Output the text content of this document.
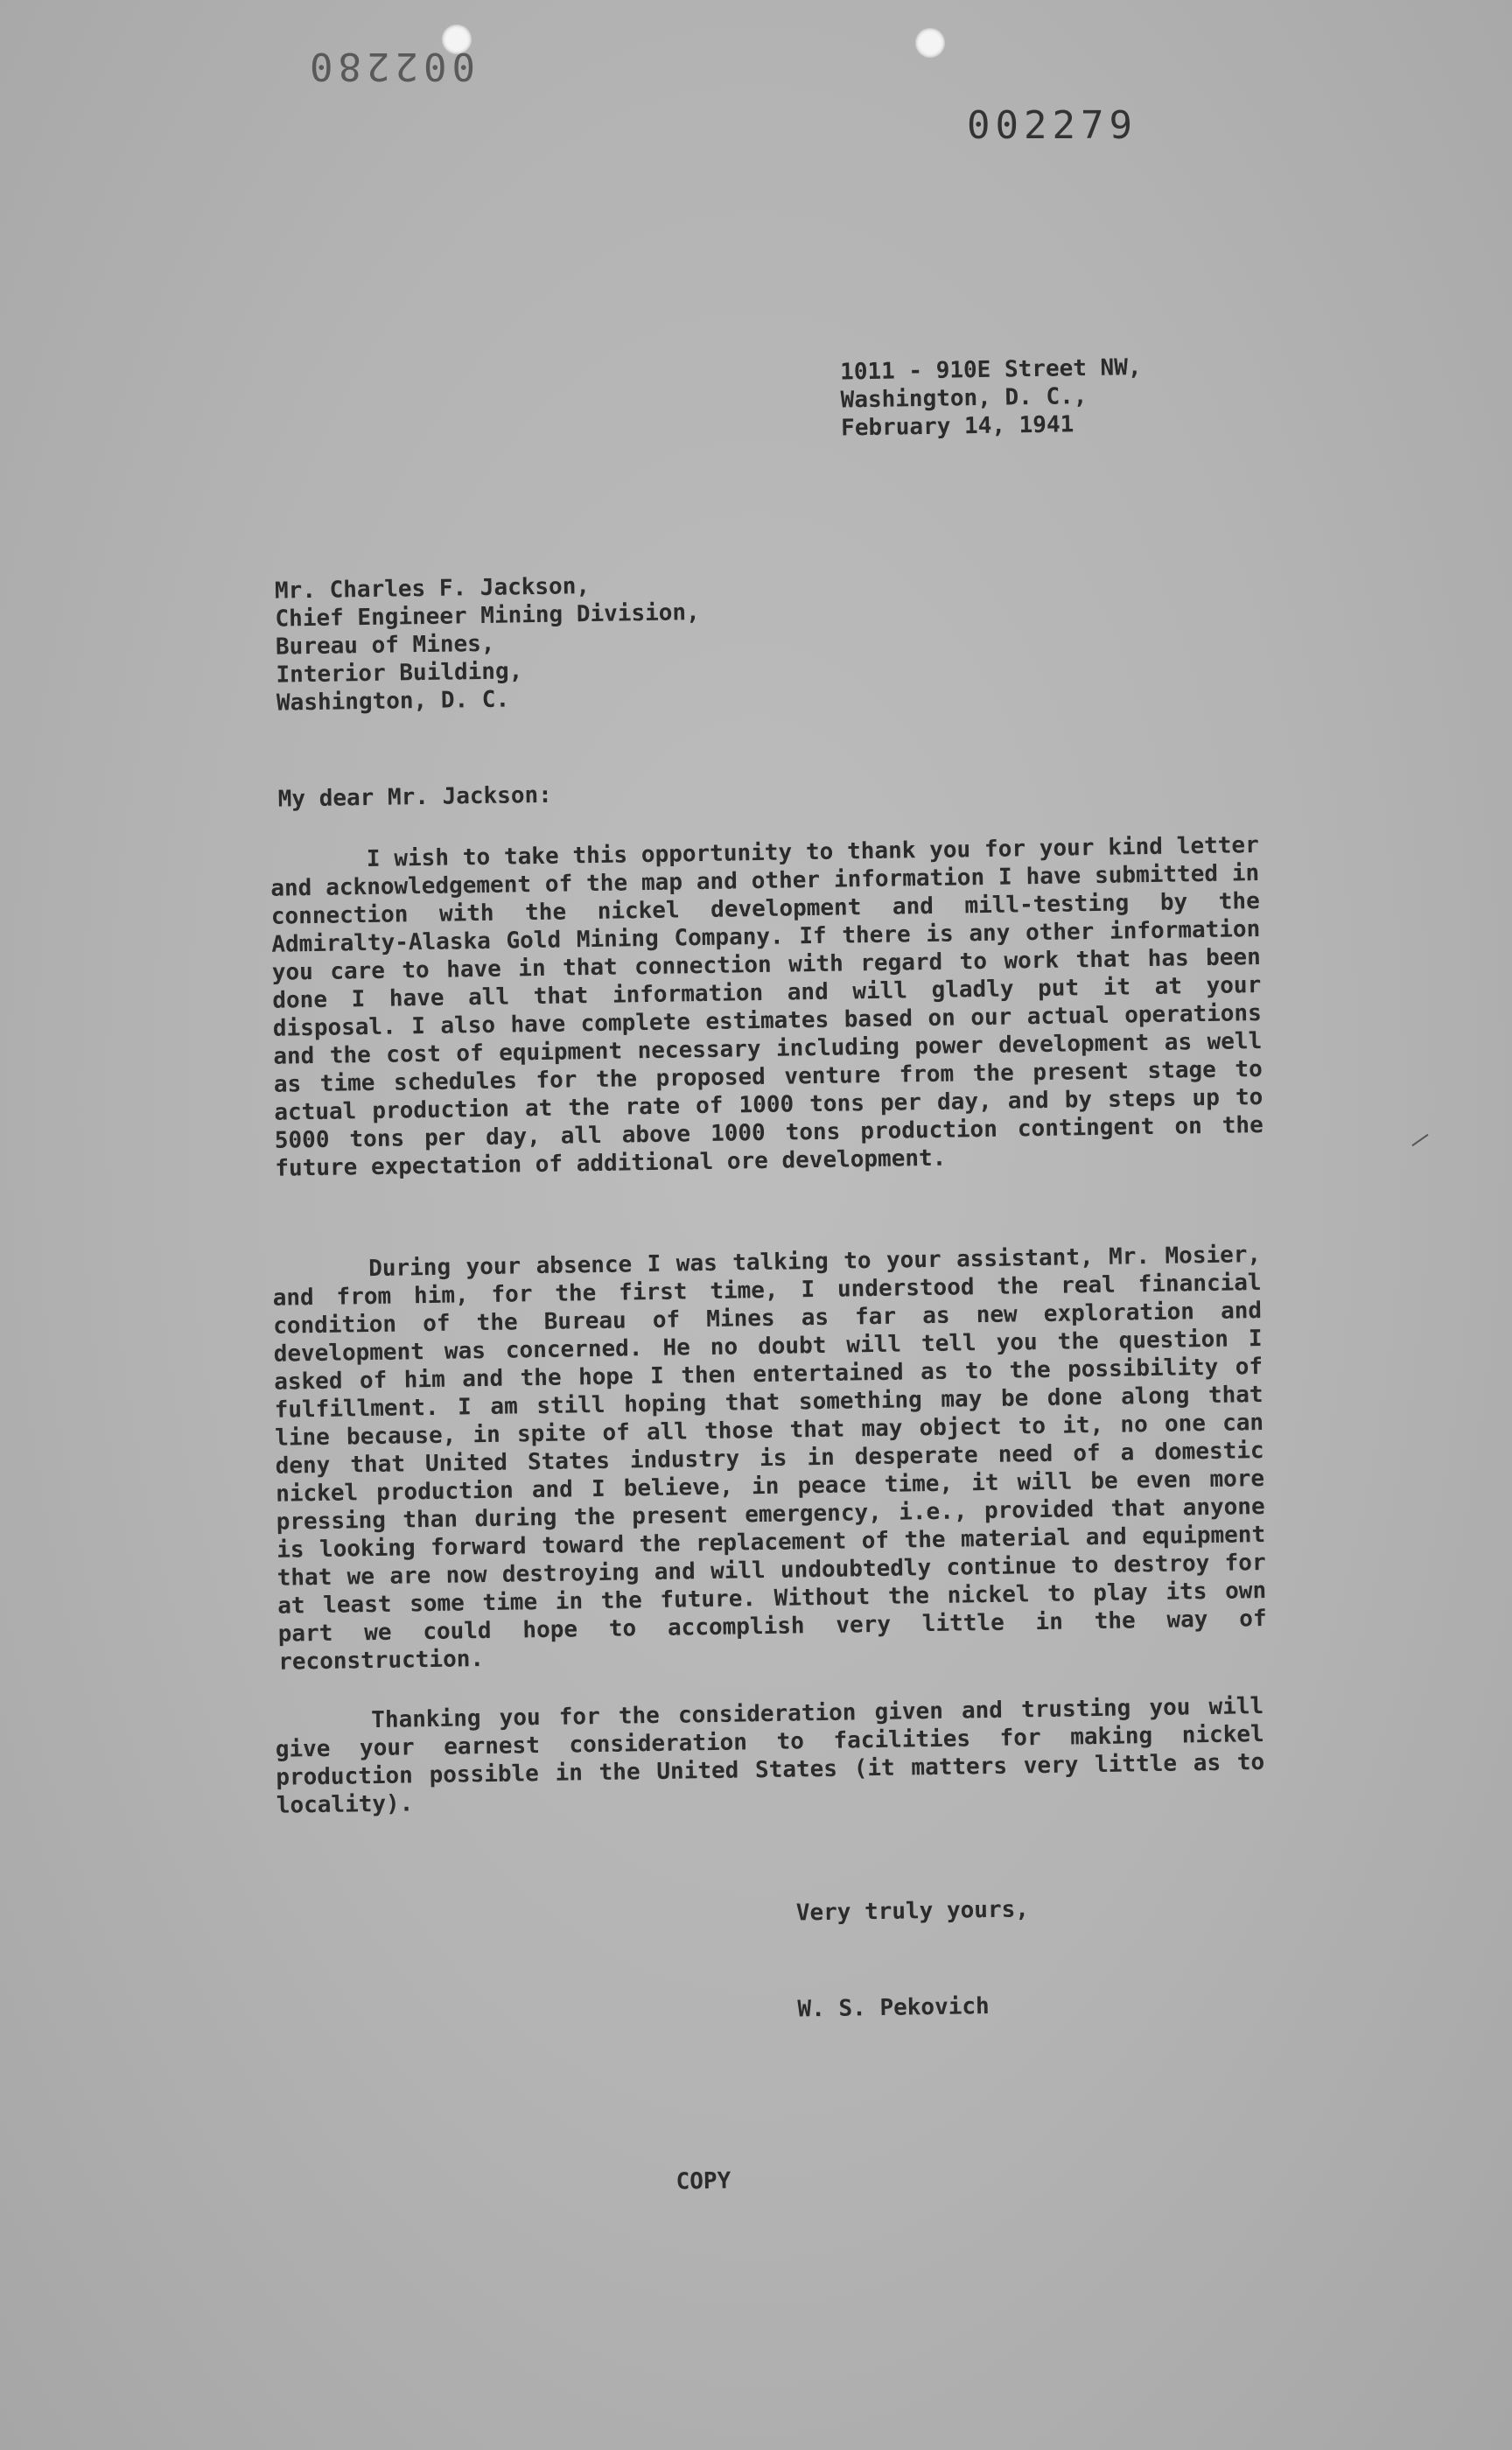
002280
002279
1011 - 910E Street NW,
Washington, D. C.,
February 14, 1941
Mr. Charles F. Jackson,
Chief Engineer Mining Division,
Bureau of Mines,
Interior Building,
Washington, D. C.
My dear Mr. Jackson:
I wish to take this opportunity to thank you for your kind letter and acknowledgement of the map and other information I have submitted in connection with the nickel development and mill-testing by the Admiralty-Alaska Gold Mining Company. If there is any other information you care to have in that connection with regard to work that has been done I have all that information and will gladly put it at your disposal. I also have complete estimates based on our actual operations and the cost of equipment necessary including power development as well as time schedules for the proposed venture from the present stage to actual production at the rate of 1000 tons per day, and by steps up to 5000 tons per day, all above 1000 tons production contingent on the future expectation of additional ore development.
During your absence I was talking to your assistant, Mr. Mosier, and from him, for the first time, I understood the real financial condition of the Bureau of Mines as far as new exploration and development was concerned. He no doubt will tell you the question I asked of him and the hope I then entertained as to the possibility of fulfillment. I am still hoping that something may be done along that line because, in spite of all those that may object to it, no one can deny that United States industry is in desperate need of a domestic nickel production and I believe, in peace time, it will be even more pressing than during the present emergency, i.e., provided that anyone is looking forward toward the replacement of the material and equipment that we are now destroying and will undoubtedly continue to destroy for at least some time in the future. Without the nickel to play its own part we could hope to accomplish very little in the way of reconstruction.
Thanking you for the consideration given and trusting you will give your earnest consideration to facilities for making nickel production possible in the United States (it matters very little as to locality).
Very truly yours,
W. S. Pekovich
COPY
